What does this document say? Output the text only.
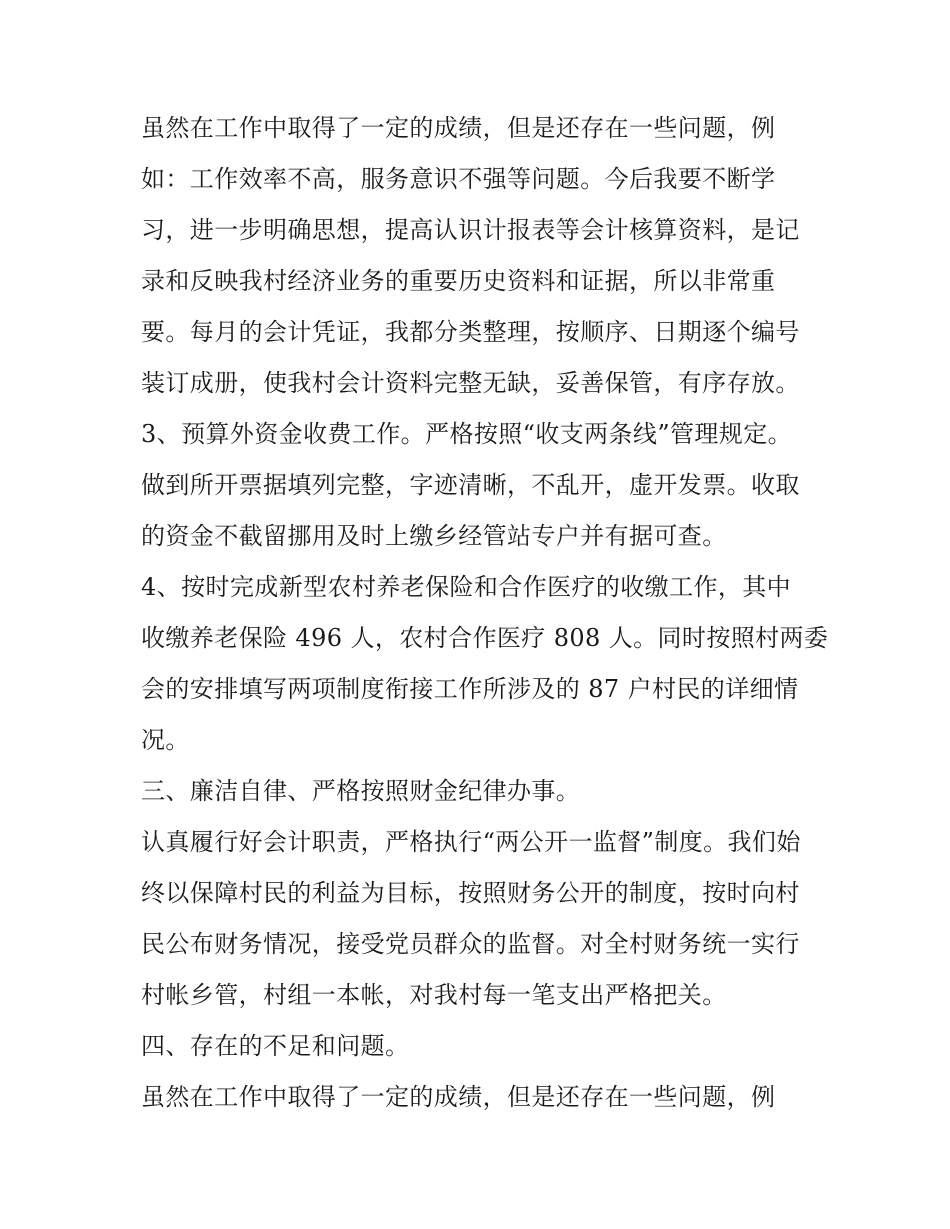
虽然在工作中取得了一定的成绩，但是还存在一些问题，例
如：工作效率不高，服务意识不强等问题。今后我要不断学
习，进一步明确思想，提高认识计报表等会计核算资料，是记
录和反映我村经济业务的重要历史资料和证据，所以非常重
要。每月的会计凭证，我都分类整理，按顺序、日期逐个编号
装订成册，使我村会计资料完整无缺，妥善保管，有序存放。
3、预算外资金收费工作。严格按照“收支两条线”管理规定。
做到所开票据填列完整，字迹清晰，不乱开，虚开发票。收取
的资金不截留挪用及时上缴乡经管站专户并有据可查。
4、按时完成新型农村养老保险和合作医疗的收缴工作，其中
收缴养老保险 496 人，农村合作医疗 808 人。同时按照村两委
会的安排填写两项制度衔接工作所涉及的 87 户村民的详细情
况。
三、廉洁自律、严格按照财金纪律办事。
认真履行好会计职责，严格执行“两公开一监督”制度。我们始
终以保障村民的利益为目标，按照财务公开的制度，按时向村
民公布财务情况，接受党员群众的监督。对全村财务统一实行
村帐乡管，村组一本帐，对我村每一笔支出严格把关。
四、存在的不足和问题。
虽然在工作中取得了一定的成绩，但是还存在一些问题，例
